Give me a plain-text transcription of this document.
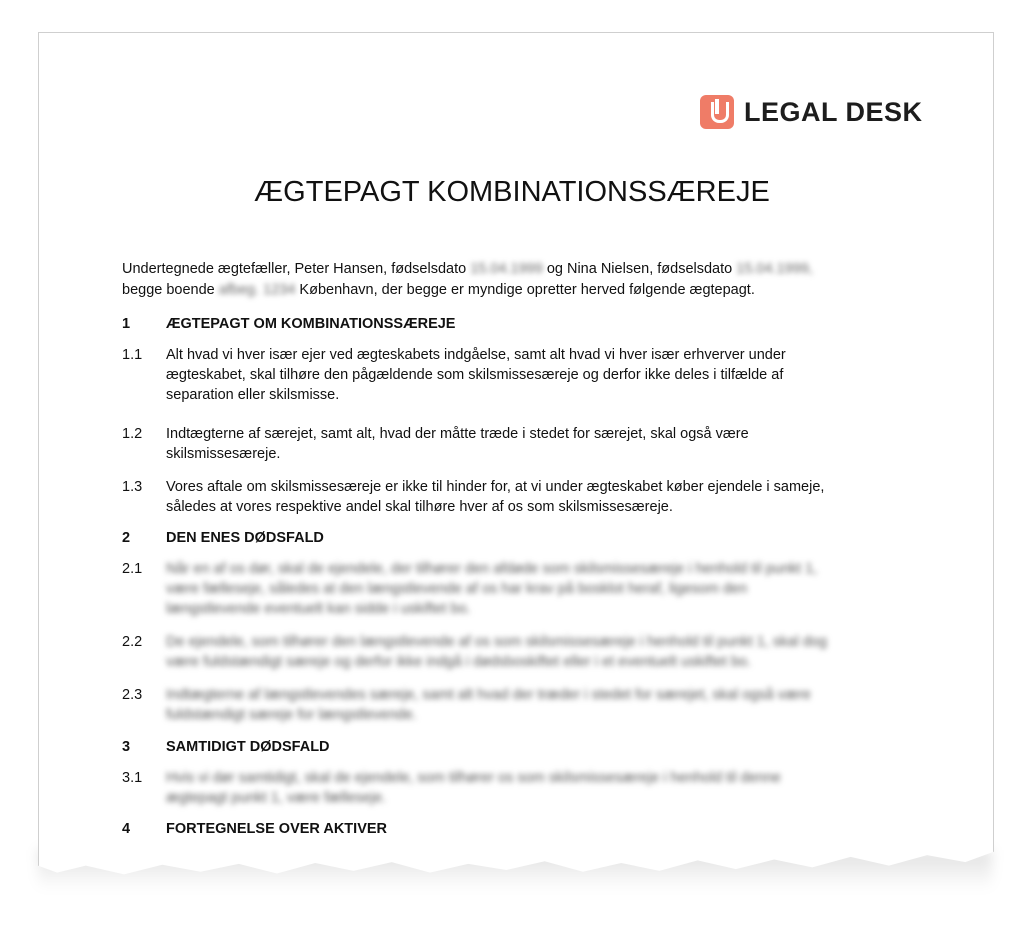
LEGAL DESK
ÆGTEPAGT KOMBINATIONSSÆREJE
Undertegnede ægtefæller, Peter Hansen, fødselsdato 15.04.1999 og Nina Nielsen, fødselsdato 15.04.1999, begge boende afbeg. 1234 København, der begge er myndige opretter herved følgende ægtepagt.
1	ÆGTEPAGT OM KOMBINATIONSSÆREJE
1.1	Alt hvad vi hver især ejer ved ægteskabets indgåelse, samt alt hvad vi hver især erhverver under ægteskabet, skal tilhøre den pågældende som skilsmissesæreje og derfor ikke deles i tilfælde af separation eller skilsmisse.
1.2	Indtægterne af særejet, samt alt, hvad der måtte træde i stedet for særejet, skal også være skilsmissesæreje.
1.3	Vores aftale om skilsmissesæreje er ikke til hinder for, at vi under ægteskabet køber ejendele i sameje, således at vores respektive andel skal tilhøre hver af os som skilsmissesæreje.
2	DEN ENES DØDSFALD
2.1	Når en af os dør, skal de ejendele, der tilhører den afdøde som skilsmissesæreje i henhold til punkt 1, være fælleseje, således at den længstlevende af os har krav på bosklot heraf, ligesom den længstlevende eventuelt kan sidde i uskiftet bo.
2.2	De ejendele, som tilhører den længstlevende af os som skilsmissesæreje i henhold til punkt 1, skal dog være fuldstændigt særeje og derfor ikke indgå i dødsboskiftet eller i et eventuelt uskiftet bo.
2.3	Indtægterne af længstlevendes særeje, samt alt hvad der træder i stedet for særejet, skal også være fuldstændigt særeje for længstlevende.
3	SAMTIDIGT DØDSFALD
3.1	Hvis vi dør samtidigt, skal de ejendele, som tilhører os som skilsmissesæreje i henhold til denne ægtepagt punkt 1, være fælleseje.
4	FORTEGNELSE OVER AKTIVER
